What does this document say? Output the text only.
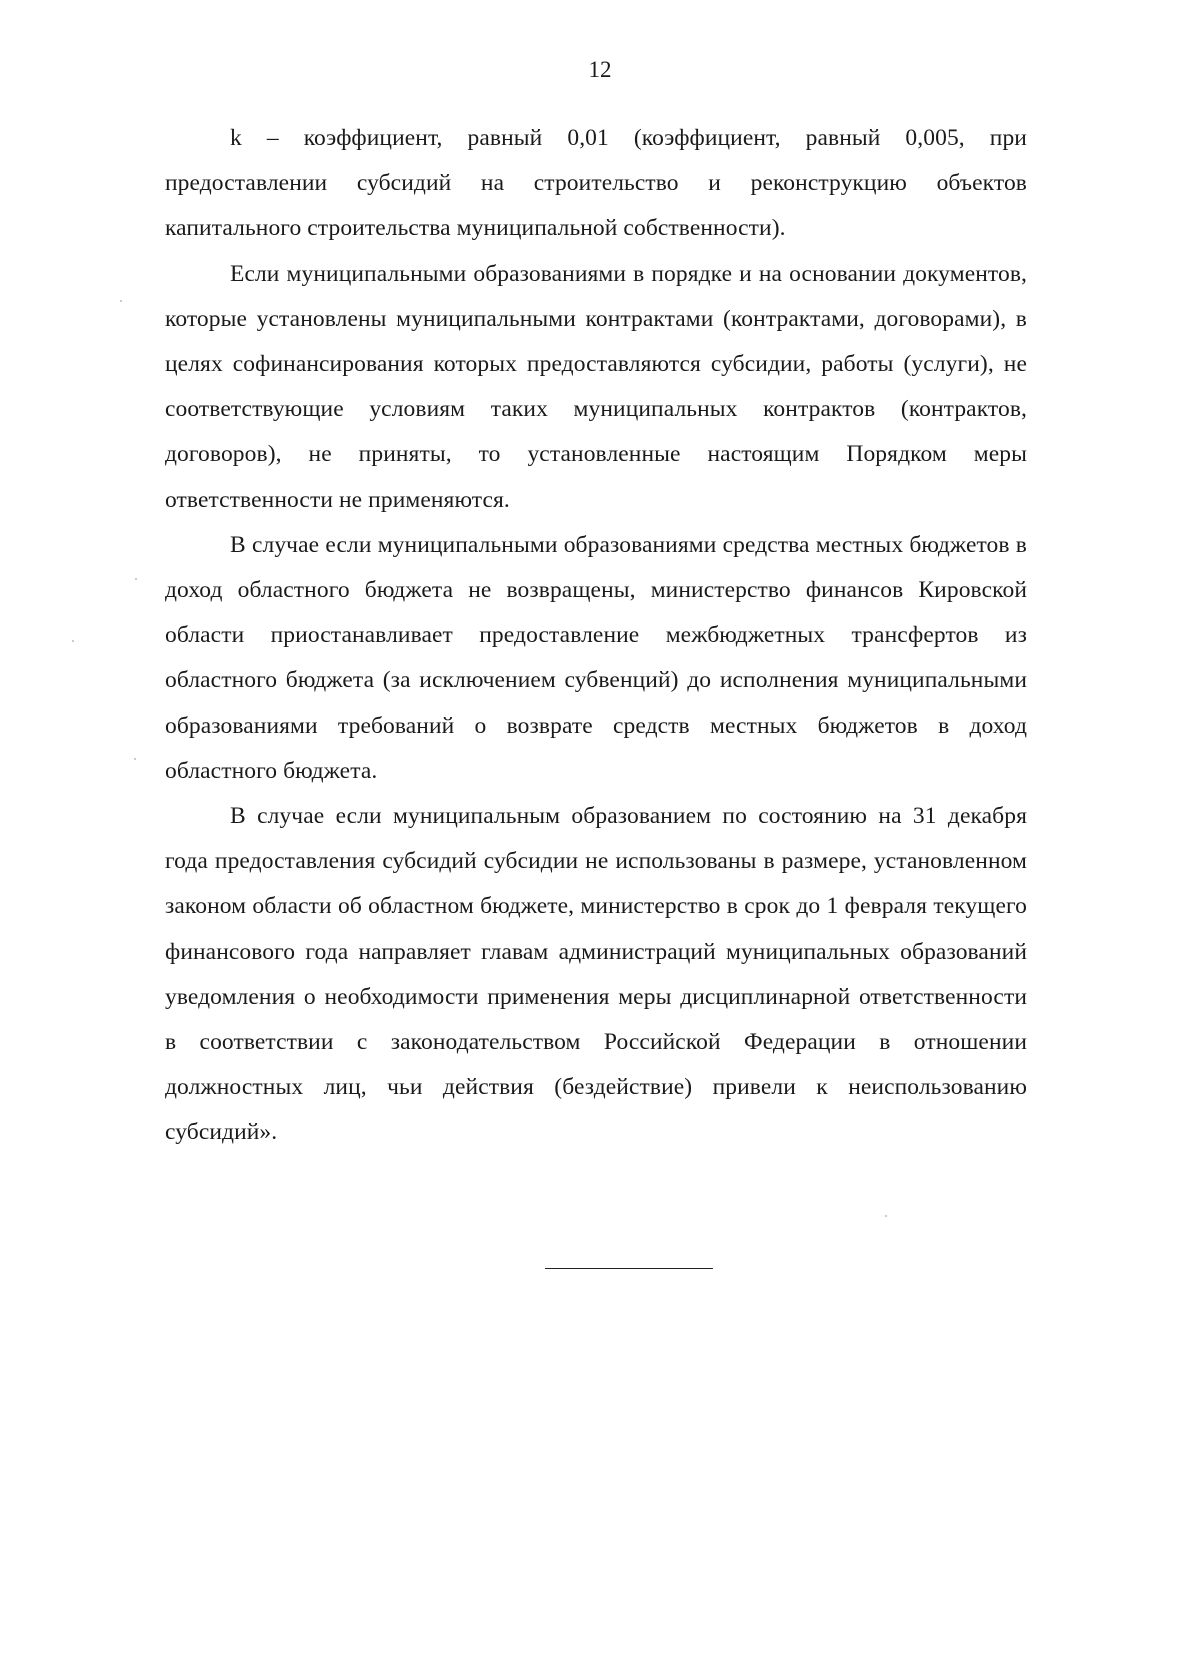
12

k – коэффициент, равный 0,01 (коэффициент, равный 0,005, при предоставлении субсидий на строительство и реконструкцию объектов капитального строительства муниципальной собственности).

Если муниципальными образованиями в порядке и на основании документов, которые установлены муниципальными контрактами (контрактами, договорами), в целях софинансирования которых предоставляются субсидии, работы (услуги), не соответствующие условиям таких муниципальных контрактов (контрактов, договоров), не приняты, то установленные настоящим Порядком меры ответственности не применяются.

В случае если муниципальными образованиями средства местных бюджетов в доход областного бюджета не возвращены, министерство финансов Кировской области приостанавливает предоставление межбюджетных трансфертов из областного бюджета (за исключением субвенций) до исполнения муниципальными образованиями требований о возврате средств местных бюджетов в доход областного бюджета.

В случае если муниципальным образованием по состоянию на 31 декабря года предоставления субсидий субсидии не использованы в размере, установленном законом области об областном бюджете, министерство в срок до 1 февраля текущего финансового года направляет главам администраций муниципальных образований уведомления о необходимости применения меры дисциплинарной ответственности в соответствии с законодательством Российской Федерации в отношении должностных лиц, чьи действия (бездействие) привели к неиспользованию субсидий».
